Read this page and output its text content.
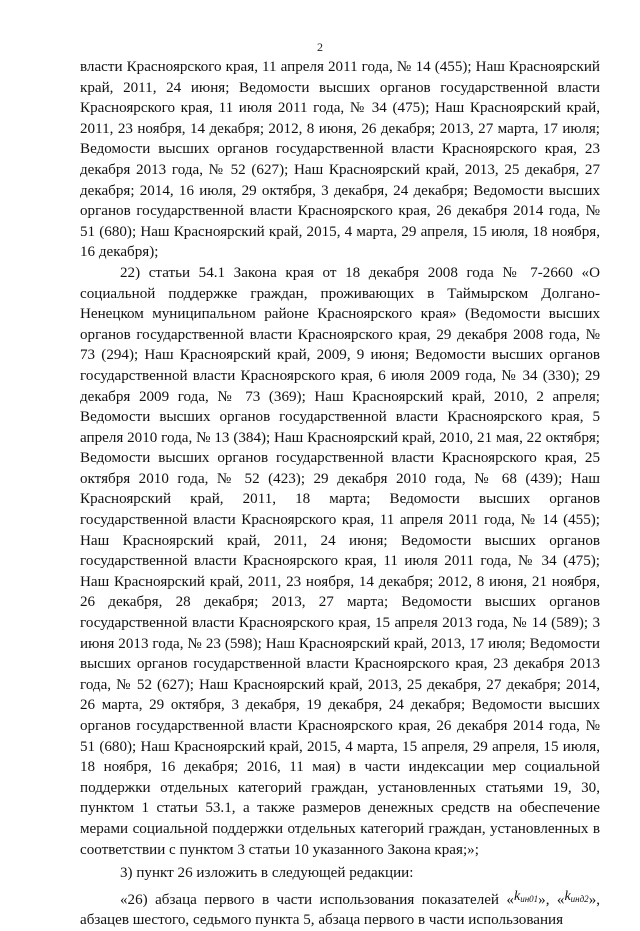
2

власти Красноярского края, 11 апреля 2011 года, № 14 (455); Наш Красноярский край, 2011, 24 июня; Ведомости высших органов государственной власти Красноярского края, 11 июля 2011 года, № 34 (475); Наш Красноярский край, 2011, 23 ноября, 14 декабря; 2012, 8 июня, 26 декабря; 2013, 27 марта, 17 июля; Ведомости высших органов государственной власти Красноярского края, 23 декабря 2013 года, № 52 (627); Наш Красноярский край, 2013, 25 декабря, 27 декабря; 2014, 16 июля, 29 октября, 3 декабря, 24 декабря; Ведомости высших органов государственной власти Красноярского края, 26 декабря 2014 года, № 51 (680); Наш Красноярский край, 2015, 4 марта, 29 апреля, 15 июля, 18 ноября, 16 декабря);

22) статьи 54.1 Закона края от 18 декабря 2008 года № 7-2660 «О социальной поддержке граждан, проживающих в Таймырском Долгано-Ненецком муниципальном районе Красноярского края» (Ведомости высших органов государственной власти Красноярского края, 29 декабря 2008 года, № 73 (294); Наш Красноярский край, 2009, 9 июня; Ведомости высших органов государственной власти Красноярского края, 6 июля 2009 года, № 34 (330); 29 декабря 2009 года, № 73 (369); Наш Красноярский край, 2010, 2 апреля; Ведомости высших органов государственной власти Красноярского края, 5 апреля 2010 года, № 13 (384); Наш Красноярский край, 2010, 21 мая, 22 октября; Ведомости высших органов государственной власти Красноярского края, 25 октября 2010 года, № 52 (423); 29 декабря 2010 года, № 68 (439); Наш Красноярский край, 2011, 18 марта; Ведомости высших органов государственной власти Красноярского края, 11 апреля 2011 года, № 14 (455); Наш Красноярский край, 2011, 24 июня; Ведомости высших органов государственной власти Красноярского края, 11 июля 2011 года, № 34 (475); Наш Красноярский край, 2011, 23 ноября, 14 декабря; 2012, 8 июня, 21 ноября, 26 декабря, 28 декабря; 2013, 27 марта; Ведомости высших органов государственной власти Красноярского края, 15 апреля 2013 года, № 14 (589); 3 июня 2013 года, № 23 (598); Наш Красноярский край, 2013, 17 июля; Ведомости высших органов государственной власти Красноярского края, 23 декабря 2013 года, № 52 (627); Наш Красноярский край, 2013, 25 декабря, 27 декабря; 2014, 26 марта, 29 октября, 3 декабря, 19 декабря, 24 декабря; Ведомости высших органов государственной власти Красноярского края, 26 декабря 2014 года, № 51 (680); Наш Красноярский край, 2015, 4 марта, 15 апреля, 29 апреля, 15 июля, 18 ноября, 16 декабря; 2016, 11 мая) в части индексации мер социальной поддержки отдельных категорий граждан, установленных статьями 19, 30, пунктом 1 статьи 53.1, а также размеров денежных средств на обеспечение мерами социальной поддержки отдельных категорий граждан, установленных в соответствии с пунктом 3 статьи 10 указанного Закона края;»;

3) пункт 26 изложить в следующей редакции:

«26) абзаца первого в части использования показателей «$k_{ин01}$», «$k_{инд2}$», абзацев шестого, седьмого пункта 5, абзаца первого в части использования
